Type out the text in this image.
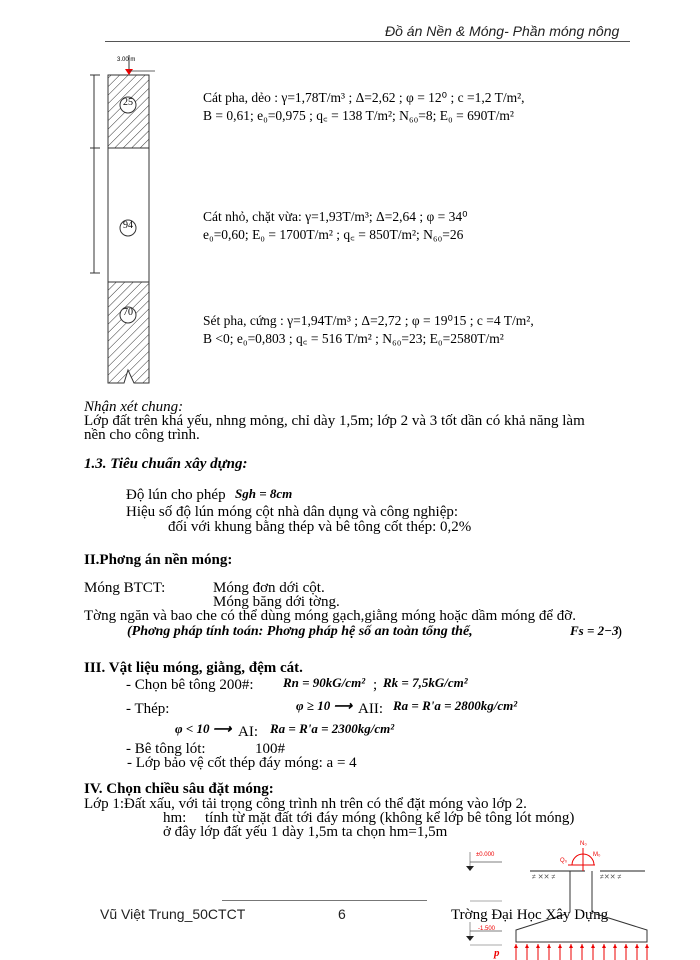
Đồ án Nền & Móng- Phần móng nông
3.00 m
25
94
70
Cát pha, dẻo : γ=1,78T/m³ ; Δ=2,62 ; φ = 12⁰ ; c =1,2 T/m²,
B = 0,61; e₀=0,975 ; q꜀ = 138 T/m²; N₆₀=8; E₀ = 690T/m²
Cát nhỏ, chặt vừa: γ=1,93T/m³; Δ=2,64 ; φ = 34⁰
e₀=0,60; E₀ = 1700T/m² ; q꜀ = 850T/m²; N₆₀=26
Sét pha, cứng : γ=1,94T/m³ ; Δ=2,72 ; φ = 19⁰15 ; c =4 T/m²,
B <0; e₀=0,803 ; q꜀ = 516 T/m² ; N₆₀=23; E₀=2580T/m²
Nhận xét chung:
Lớp đất trên khá yếu, nhng mỏng, chỉ dày 1,5m; lớp 2 và 3 tốt dần có khả năng làm
nền cho công trình.
1.3. Tiêu chuẩn xây dựng:
Độ lún cho phép Sgh = 8cm
Hiệu số độ lún móng cột nhà dân dụng và công nghiệp:
đối với khung bằng thép và bê tông cốt thép: 0,2%
II.Phơng án nền móng:
Móng BTCT:	Móng đơn dới cột.
Móng băng dới tờng.
Tờng ngăn và bao che có thể dùng móng gạch,giằng móng hoặc dầm móng để đỡ.
(Phơng pháp tính toán: Phơng pháp hệ số an toàn tổng thể,	Fs = 2−3
)
III. Vật liệu móng, giằng, đệm cát.
- Chọn bê tông 200#: Rn = 90kG/cm² ; Rk = 7,5kG/cm²
- Thép:	φ ≥ 10 ⟶ AII: Ra = R'a = 2800kg/cm²
φ < 10 ⟶ AI: Ra = R'a = 2300kg/cm²
- Bê tông lót:	100#
- Lớp bảo vệ cốt thép đáy móng: a = 4
IV. Chọn chiều sâu đặt móng:
Lớp 1:Đất xấu, với tải trọng công trình nh trên có thể đặt móng vào lớp 2.
hm: tính từ mặt đất tới đáy móng (không kể lớp bê tông lót móng)
ở đây lớp đất yếu 1 dày 1,5m ta chọn hm=1,5m
≠ ✕✕ ≠	≠✕✕ ≠
±0.000
-1.500
N₀
M₀
Q₀
p
Vũ Việt Trung_50CTCT	6	Trờng Đại Học Xây Dựng
